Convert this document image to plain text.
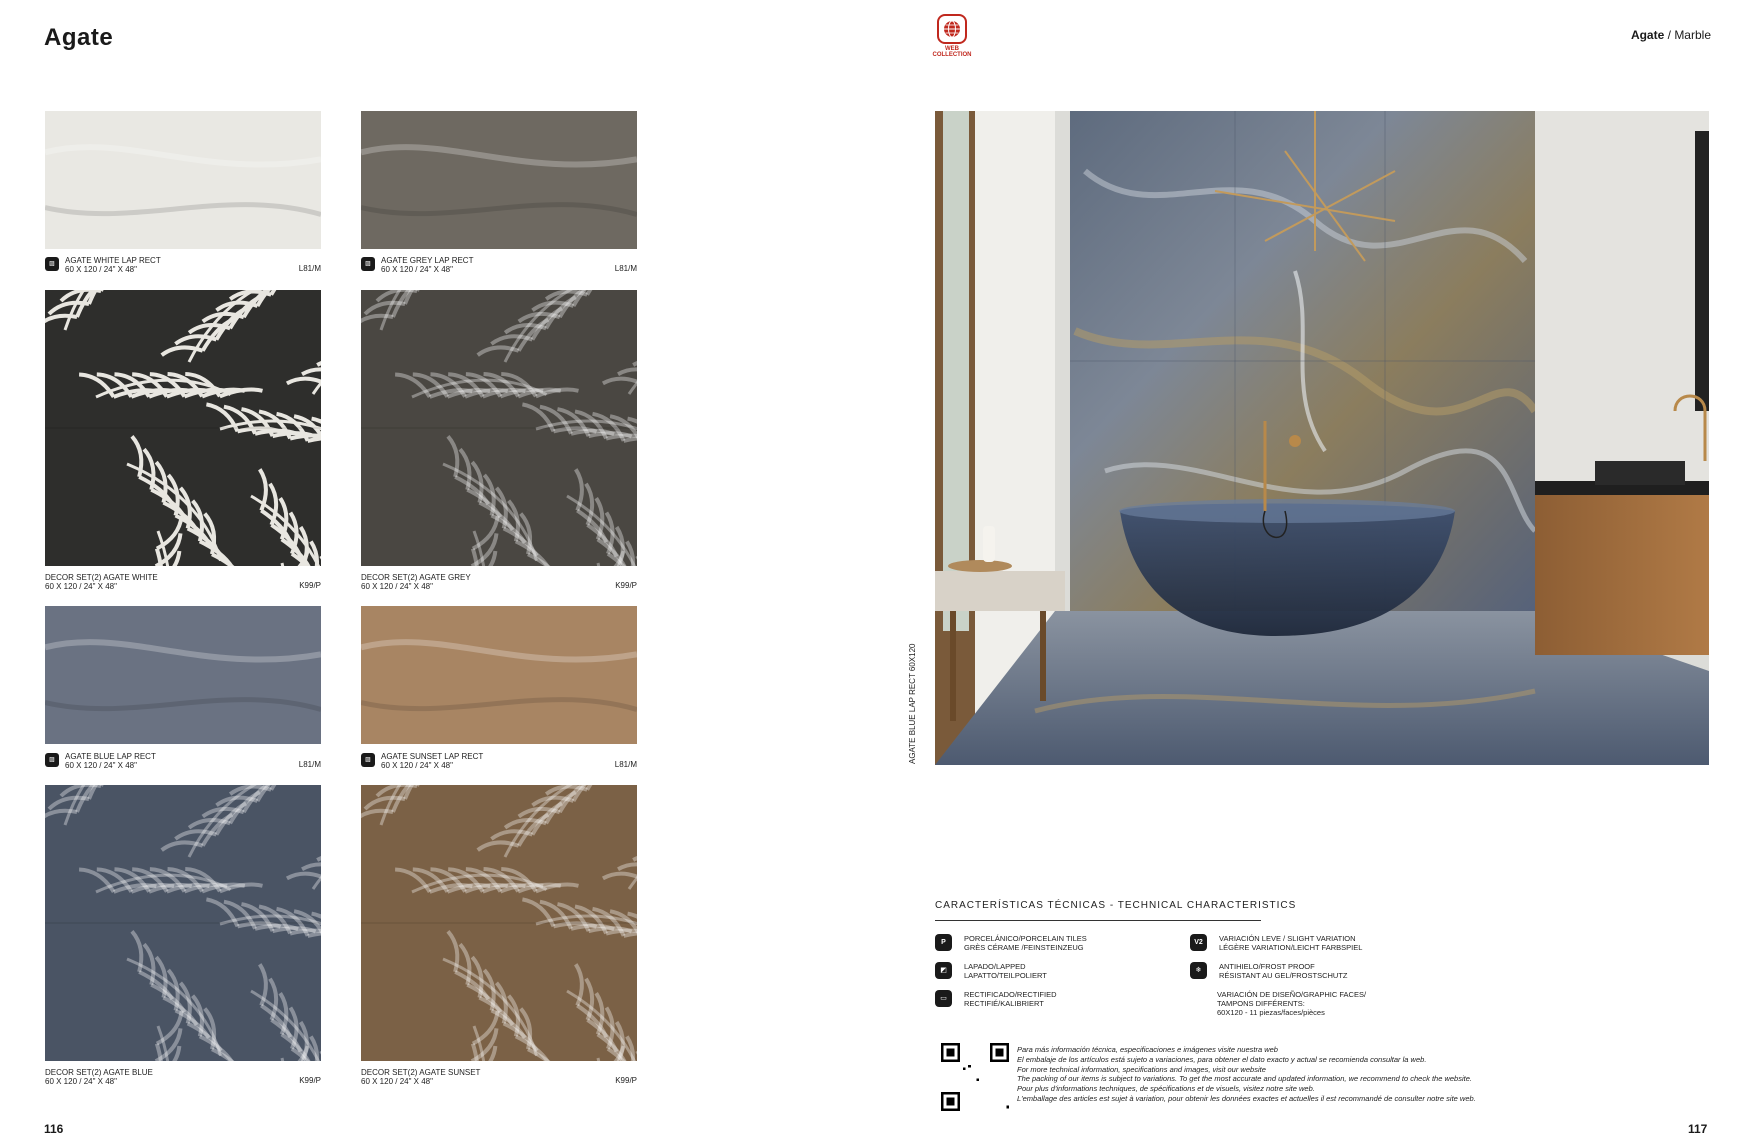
Agate
116
▨	AGATE WHITE LAP RECT
60 X 120 / 24" X 48"	L81/M	▨	AGATE GREY LAP RECT
60 X 120 / 24" X 48"	L81/M
DECOR SET(2) AGATE WHITE
60 X 120 / 24" X 48"	K99/P
DECOR SET(2) AGATE GREY
60 X 120 / 24" X 48"	K99/P
▨	AGATE BLUE LAP RECT
60 X 120 / 24" X 48"	L81/M	▨	AGATE SUNSET LAP RECT
60 X 120 / 24" X 48"	L81/M
DECOR SET(2) AGATE BLUE
60 X 120 / 24" X 48"	K99/P
DECOR SET(2) AGATE SUNSET
60 X 120 / 24" X 48"	K99/P
WEB COLLECTION
Agate / Marble
AGATE BLUE LAP RECT 60X120
CARACTERÍSTICAS TÉCNICAS - TECHNICAL CHARACTERISTICS
P	PORCELÁNICO/PORCELAIN TILES
GRÈS CÉRAME /FEINSTEINZEUG
V2	VARIACIÓN LEVE / SLIGHT VARIATION
LÉGÈRE VARIATION/LEICHT FARBSPIEL
◩	LAPADO/LAPPED
LAPATTO/TEILPOLIERT
❄	ANTIHIELO/FROST PROOF
RÉSISTANT AU GEL/FROSTSCHUTZ
▭	RECTIFICADO/RECTIFIED
RECTIFIÉ/KALIBRIERT
VARIACIÓN DE DISEÑO/GRAPHIC FACES/
TAMPONS DIFFÉRENTS:
60X120 - 11 piezas/faces/pièces
Para más información técnica, especificaciones e imágenes visite nuestra web
El embalaje de los artículos está sujeto a variaciones, para obtener el dato exacto y actual se recomienda consultar la web.
For more technical information, specifications and images, visit our website
The packing of our items is subject to variations. To get the most accurate and updated information, we recommend to check the website.
Pour plus d'informations techniques, de spécifications et de visuels, visitez notre site web.
L'emballage des articles est sujet à variation, pour obtenir les données exactes et actuelles il est recommandé de consulter notre site web.
117
